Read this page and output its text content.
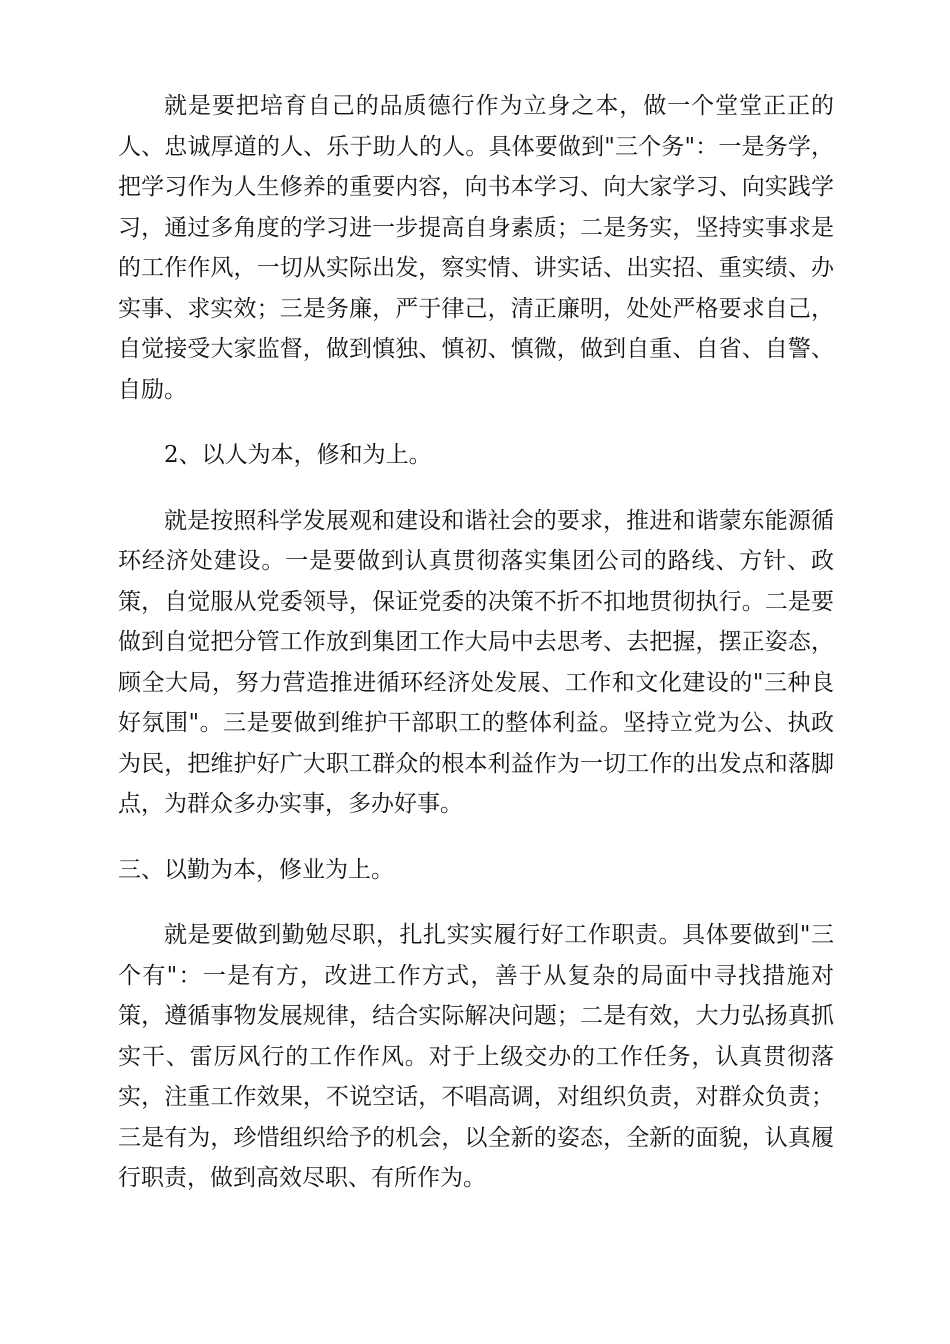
就是要把培育自己的品质德行作为立身之本，做一个堂堂正正的人、忠诚厚道的人、乐于助人的人。具体要做到"三个务"：一是务学，把学习作为人生修养的重要内容，向书本学习、向大家学习、向实践学习，通过多角度的学习进一步提高自身素质；二是务实，坚持实事求是的工作作风，一切从实际出发，察实情、讲实话、出实招、重实绩、办实事、求实效；三是务廉，严于律己，清正廉明，处处严格要求自己，自觉接受大家监督，做到慎独、慎初、慎微，做到自重、自省、自警、自励。

2、以人为本，修和为上。

就是按照科学发展观和建设和谐社会的要求，推进和谐蒙东能源循环经济处建设。一是要做到认真贯彻落实集团公司的路线、方针、政策，自觉服从党委领导，保证党委的决策不折不扣地贯彻执行。二是要做到自觉把分管工作放到集团工作大局中去思考、去把握，摆正姿态，顾全大局，努力营造推进循环经济处发展、工作和文化建设的"三种良好氛围"。三是要做到维护干部职工的整体利益。坚持立党为公、执政为民，把维护好广大职工群众的根本利益作为一切工作的出发点和落脚点，为群众多办实事，多办好事。

三、以勤为本，修业为上。

就是要做到勤勉尽职，扎扎实实履行好工作职责。具体要做到"三个有"：一是有方，改进工作方式，善于从复杂的局面中寻找措施对策，遵循事物发展规律，结合实际解决问题；二是有效，大力弘扬真抓实干、雷厉风行的工作作风。对于上级交办的工作任务，认真贯彻落实，注重工作效果，不说空话，不唱高调，对组织负责，对群众负责；三是有为，珍惜组织给予的机会，以全新的姿态，全新的面貌，认真履行职责，做到高效尽职、有所作为。
